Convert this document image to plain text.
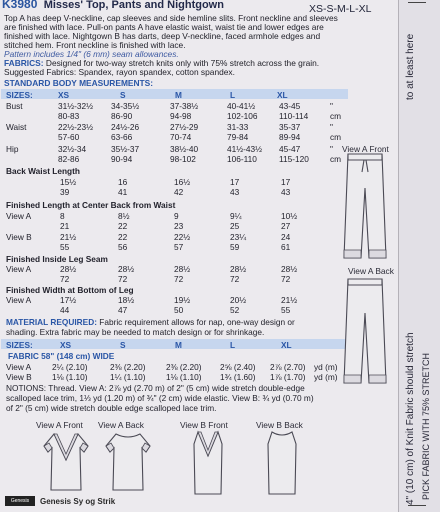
K3980 Misses' Top, Pants and Nightgown	XS-S-M-L-XL
Top A has deep V-neckline, cap sleeves and side hemline slits. Front neckline and sleeves
are finished with lace. Pull-on pants A have elastic waist, waist tie and lower edges are
finished with lace. Nightgown B has darts, deep V-neckline, faced armhole edges and
stitched hem. Front neckline is finished with lace.
Pattern includes 1/4" (6 mm) seam allowances.
FABRICS: Designed for two-way stretch knits only with 75% stretch across the grain.
Suggested Fabrics: Spandex, rayon spandex, cotton spandex.
STANDARD BODY MEASUREMENTS:
SIZES:	XS	S	M	L	XL
Bust	31½-32½ 34-35½	37-38½	40-41½	43-45	"
80-83	86-90	94-98	102-106	110-114	cm
Waist	22½-23½ 24½-26	27½-29	31-33	35-37	"
57-60	63-66	70-74	79-84	89-94	cm
Hip	32½-34	35½-37	38½-40	41½-43½ 45-47	"
82-86	90-94	98-102	106-110	115-120	cm
Back Waist Length
15½	16	16½	17	17
39	41	42	43	43
Finished Length at Center Back from Waist
View A	8	8½	9	9¼	10½
21	22	23	25	27
View B	21½	22	22½	23¼	24
55	56	57	59	61
Finished Inside Leg Seam
View A	28½	28½	28½	28½	28½
72	72	72	72	72
Finished Width at Bottom of Leg
View A	17½	18½	19½	20½	21½
44	47	50	52	55
MATERIAL REQUIRED: Fabric requirement allows for nap, one-way design or
shading. Extra fabric may be needed to match design or for shrinkage.
SIZES:	XS	S	M	L	XL
FABRIC 58" (148 cm) WIDE
View A	2¼ (2.10)	2⅜ (2.20) 2⅜ (2.20) 2⅝ (2.40) 2⅞ (2.70) yd (m)
View B 1⅛ (1.10)	1¼ (1.10) 1⅛ (1.10) 1¾ (1.60) 1⅞ (1.70) yd (m)
NOTIONS: Thread. View A: 2⅞ yd (2.70 m) of 2" (5 cm) wide stretch double-edge
scalloped lace trim, 1⅓ yd (1.20 m) of ¾" (2 cm) wide elastic. View B: ¾ yd (0.70 m)
of 2" (5 cm) wide stretch double edge scalloped lace trim.
View A Front
View A Back
View A Front View A Back	View B Front	View B Back
to at least here
4" (10 cm) of Knit Fabric should stretch PICK FABRIC WITH 75% STRETCH
Genesis	Genesis Sy og Strik
